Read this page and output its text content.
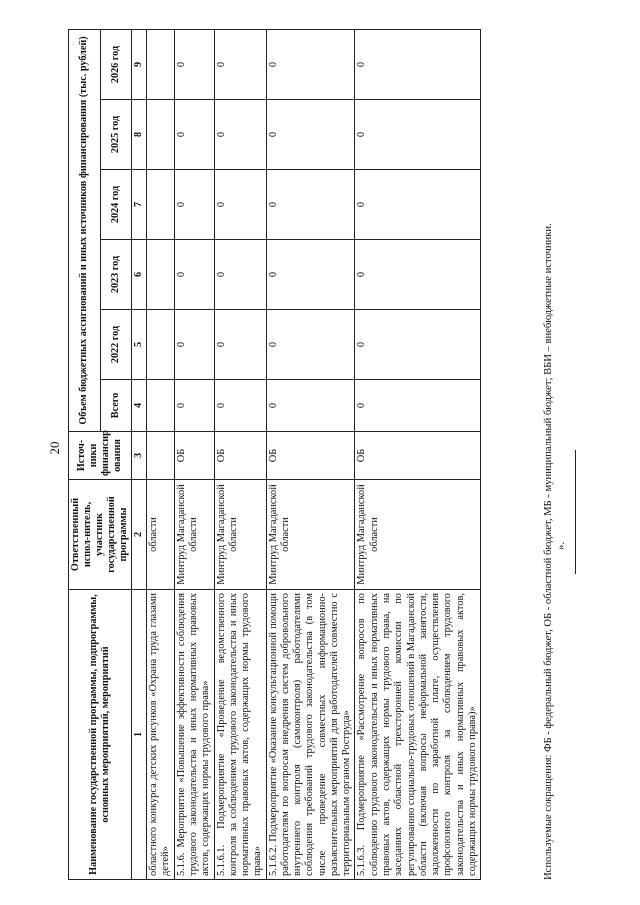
20
Наименование государственной программы, подпрограммы, основных мероприятий, мероприятий	Ответственный испол-нитель, участник государственной программы	Источ-ники финансир ования	Объем бюджетных ассигнований и иных источников финансирования (тыс. рублей)					
			Всего	2022 год	2023 год	2024 год	2025 год	2026 год
1	2	3	4	5	6	7	8	9
областного конкурса детских рисунков «Охрана труда глазами детей»	области							
5.1.6. Мероприятие «Повышение эффективности соблюдения трудового законодательства и иных нормативных правовых актов, содержащих нормы трудового права»	Минтруд Магаданской области	ОБ	0	0	0	0	0	0
5.1.6.1. Подмероприятие «Проведение ведомственного контроля за соблюдением трудового законодательства и иных нормативных правовых актов, содержащих нормы трудового права»	Минтруд Магаданской области	ОБ	0	0	0	0	0	0
5.1.6.2. Подмероприятие «Оказание консультационной помощи работодателям по вопросам внедрения систем добровольного внутреннего контроля (самоконтроля) работодателями соблюдения требований трудового законодательства (в том числе проведение совместных информационно-разъяснительных мероприятий для работодателей совместно с территориальным органом Роструда»	Минтруд Магаданской области	ОБ	0	0	0	0	0	0
5.1.6.3. Подмероприятие «Рассмотрение вопросов по соблюдению трудового законодательства и иных нормативных правовых актов, содержащих нормы трудового права, на заседаниях областной трехсторонней комиссии по регулированию социально-трудовых отношений в Магаданской области (включая вопросы неформальной занятости, задолженности по заработной плате, осуществления профсоюзного контроля за соблюдением трудового законодательства и иных нормативных правовых актов, содержащих нормы трудового права)»	Минтруд Магаданской области	ОБ	0	0	0	0	0	0
Используемые сокращения: ФБ - федеральный бюджет, ОБ - областной бюджет, МБ - муниципальный бюджет; ВБИ – внебюджетные источники. ».
